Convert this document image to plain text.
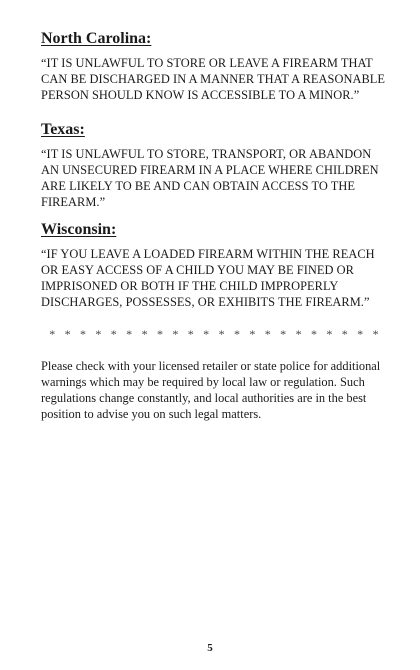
North Carolina:

“IT IS UNLAWFUL TO STORE OR LEAVE A FIREARM THAT CAN BE DISCHARGED IN A MANNER THAT A REASONABLE PERSON SHOULD KNOW IS ACCESSIBLE TO A MINOR.”

Texas:

“IT IS UNLAWFUL TO STORE, TRANSPORT, OR ABANDON AN UNSECURED FIREARM IN A PLACE WHERE CHILDREN ARE LIKELY TO BE AND CAN OBTAIN ACCESS TO THE FIREARM.”

Wisconsin:

“IF YOU LEAVE A LOADED FIREARM WITHIN THE REACH OR EASY ACCESS OF A CHILD YOU MAY BE FINED OR IMPRISONED OR BOTH IF THE CHILD IMPROPERLY DISCHARGES, POSSESSES, OR EXHIBITS THE FIREARM.”

* * * * * * * * * * * * * * * * * * * * * *

Please check with your licensed retailer or state police for additional warnings which may be required by local law or regulation. Such regulations change constantly, and local authorities are in the best position to advise you on such legal matters.

5
